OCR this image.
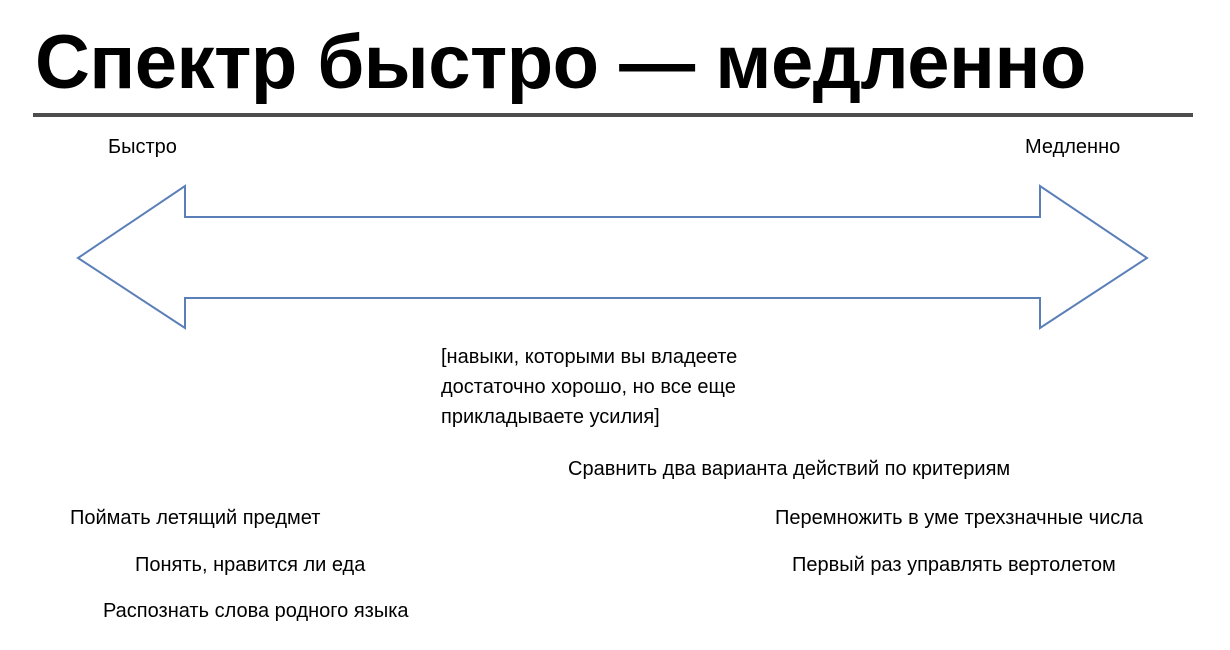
Спектр быстро — медленно
Быстро	Медленно
[навыки, которыми вы владеете
достаточно хорошо, но все еще
прикладываете усилия]
Сравнить два варианта действий по критериям
Поймать летящий предмет	Перемножить в уме трехзначные числа
Понять, нравится ли еда	Первый раз управлять вертолетом
Распознать слова родного языка
